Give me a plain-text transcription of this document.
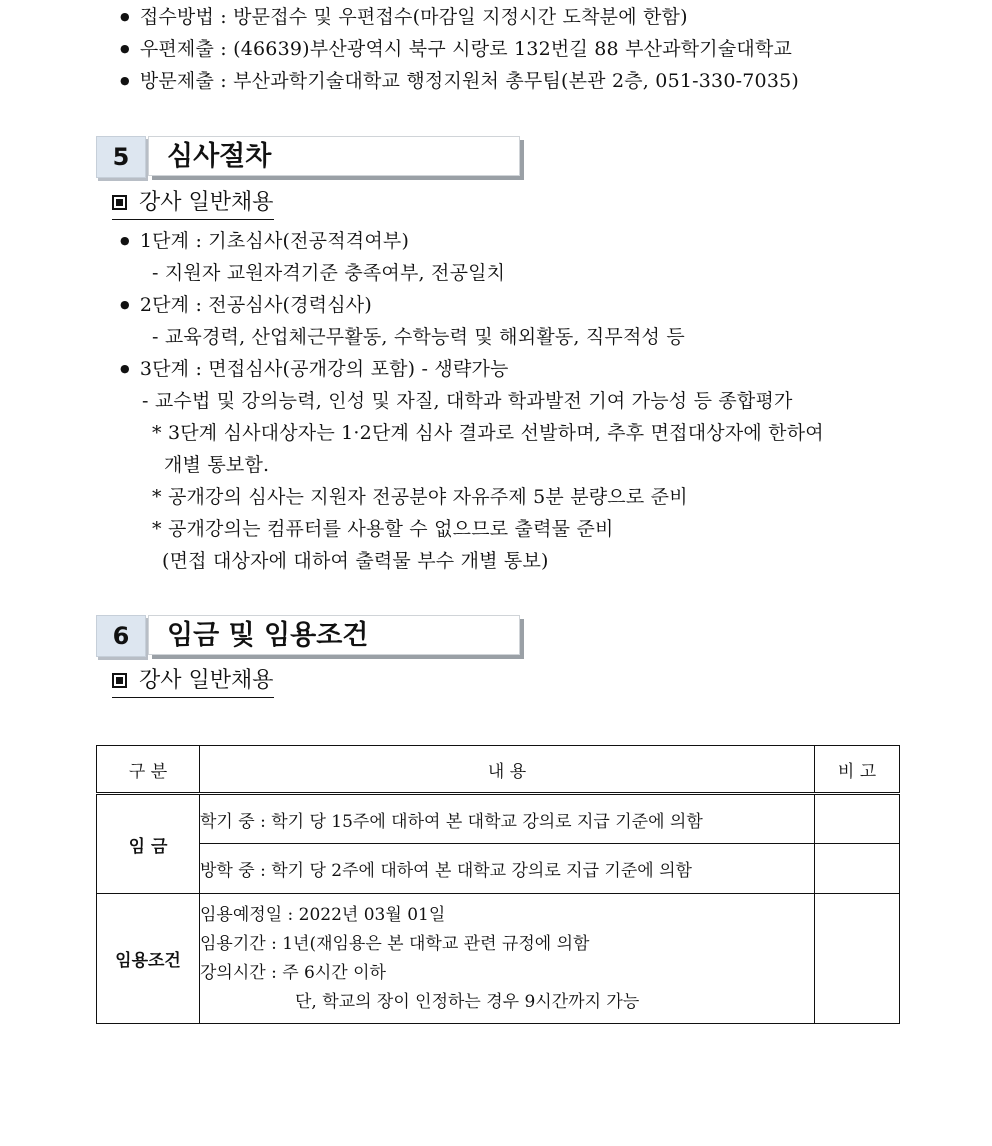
● 접수방법 : 방문접수 및 우편접수(마감일 지정시간 도착분에 한함)
● 우편제출 : (46639)부산광역시 북구 시랑로 132번길 88 부산과학기술대학교
● 방문제출 : 부산과학기술대학교 행정지원처 총무팀(본관 2층, 051-330-7035)
5	심사절차
강사 일반채용
● 1단계 : 기초심사(전공적격여부)
- 지원자 교원자격기준 충족여부, 전공일치
● 2단계 : 전공심사(경력심사)
- 교육경력, 산업체근무활동, 수학능력 및 해외활동, 직무적성 등
● 3단계 : 면접심사(공개강의 포함) - 생략가능
- 교수법 및 강의능력, 인성 및 자질, 대학과 학과발전 기여 가능성 등 종합평가
* 3단계 심사대상자는 1·2단계 심사 결과로 선발하며, 추후 면접대상자에 한하여
개별 통보함.
* 공개강의 심사는 지원자 전공분야 자유주제 5분 분량으로 준비
* 공개강의는 컴퓨터를 사용할 수 없으므로 출력물 준비
(면접 대상자에 대하여 출력물 부수 개별 통보)
6	임금 및 임용조건
강사 일반채용
구 분	내 용	비 고
임 금	학기 중 : 학기 당 15주에 대하여 본 대학교 강의로 지급 기준에 의함	
	방학 중 : 학기 당 2주에 대하여 본 대학교 강의로 지급 기준에 의함	
임용조건	임용예정일 : 2022년 03월 01일
임용기간 : 1년(재임용은 본 대학교 관련 규정에 의함
강의시간 : 주 6시간 이하
단, 학교의 장이 인정하는 경우 9시간까지 가능	
